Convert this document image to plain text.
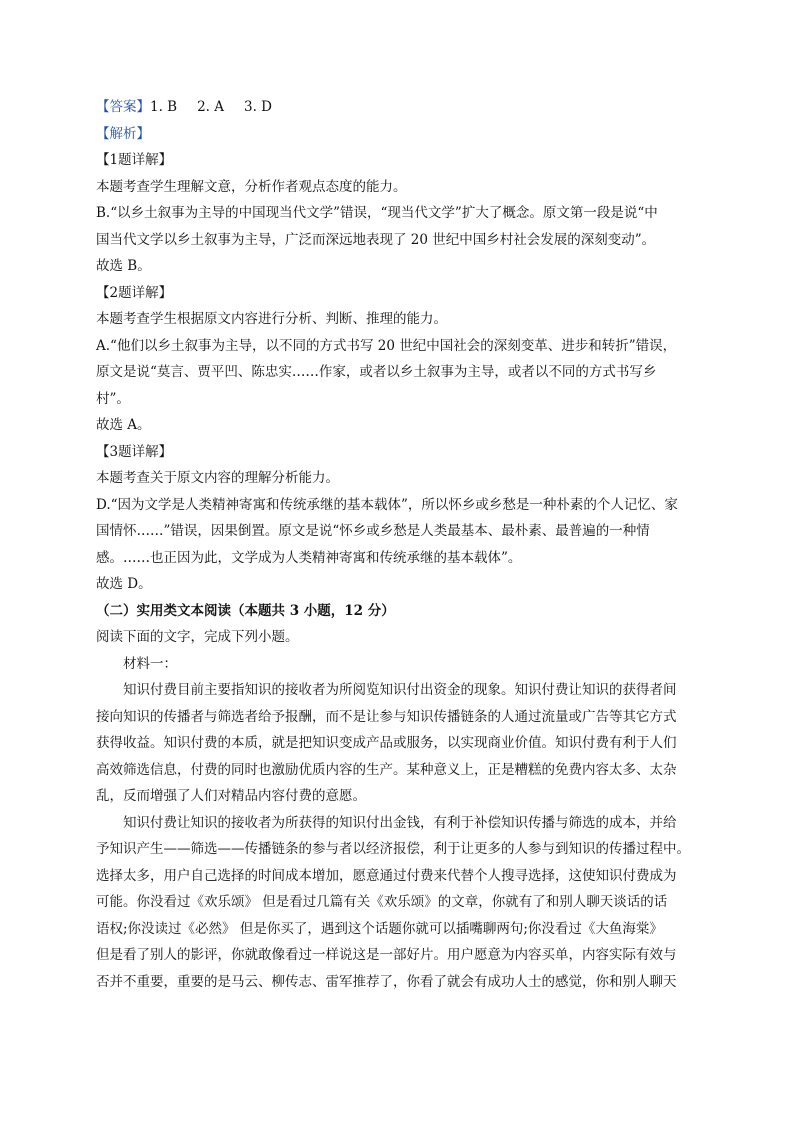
【答案】1. B 2. A 3. D
【解析】
【1题详解】
本题考查学生理解文意，分析作者观点态度的能力。
B.“以乡土叙事为主导的中国现当代文学”错误，“现当代文学”扩大了概念。原文第一段是说“中
国当代文学以乡土叙事为主导，广泛而深远地表现了 20 世纪中国乡村社会发展的深刻变动”。
故选 B。
【2题详解】
本题考查学生根据原文内容进行分析、判断、推理的能力。
A.“他们以乡土叙事为主导，以不同的方式书写 20 世纪中国社会的深刻变革、进步和转折”错误，
原文是说“莫言、贾平凹、陈忠实……作家，或者以乡土叙事为主导，或者以不同的方式书写乡
村”。
故选 A。
【3题详解】
本题考查关于原文内容的理解分析能力。
D.“因为文学是人类精神寄寓和传统承继的基本载体”，所以怀乡或乡愁是一种朴素的个人记忆、家
国情怀……”错误，因果倒置。原文是说“怀乡或乡愁是人类最基本、最朴素、最普遍的一种情
感。……也正因为此，文学成为人类精神寄寓和传统承继的基本载体”。
故选 D。
（二）实用类文本阅读（本题共 3 小题，12 分）
阅读下面的文字，完成下列小题。
材料一：
知识付费目前主要指知识的接收者为所阅览知识付出资金的现象。知识付费让知识的获得者间
接向知识的传播者与筛选者给予报酬，而不是让参与知识传播链条的人通过流量或广告等其它方式
获得收益。知识付费的本质，就是把知识变成产品或服务，以实现商业价值。知识付费有利于人们
高效筛选信息，付费的同时也激励优质内容的生产。某种意义上，正是糟糕的免费内容太多、太杂
乱，反而增强了人们对精品内容付费的意愿。
知识付费让知识的接收者为所获得的知识付出金钱，有利于补偿知识传播与筛选的成本，并给
予知识产生——筛选——传播链条的参与者以经济报偿，利于让更多的人参与到知识的传播过程中。
选择太多，用户自己选择的时间成本增加，愿意通过付费来代替个人搜寻选择，这使知识付费成为
可能。你没看过《欢乐颂》 但是看过几篇有关《欢乐颂》的文章，你就有了和别人聊天谈话的话
语权;你没读过《必然》 但是你买了，遇到这个话题你就可以插嘴聊两句;你没看过《大鱼海棠》
但是看了别人的影评，你就敢像看过一样说这是一部好片。用户愿意为内容买单，内容实际有效与
否并不重要，重要的是马云、柳传志、雷军推荐了，你看了就会有成功人士的感觉，你和别人聊天
